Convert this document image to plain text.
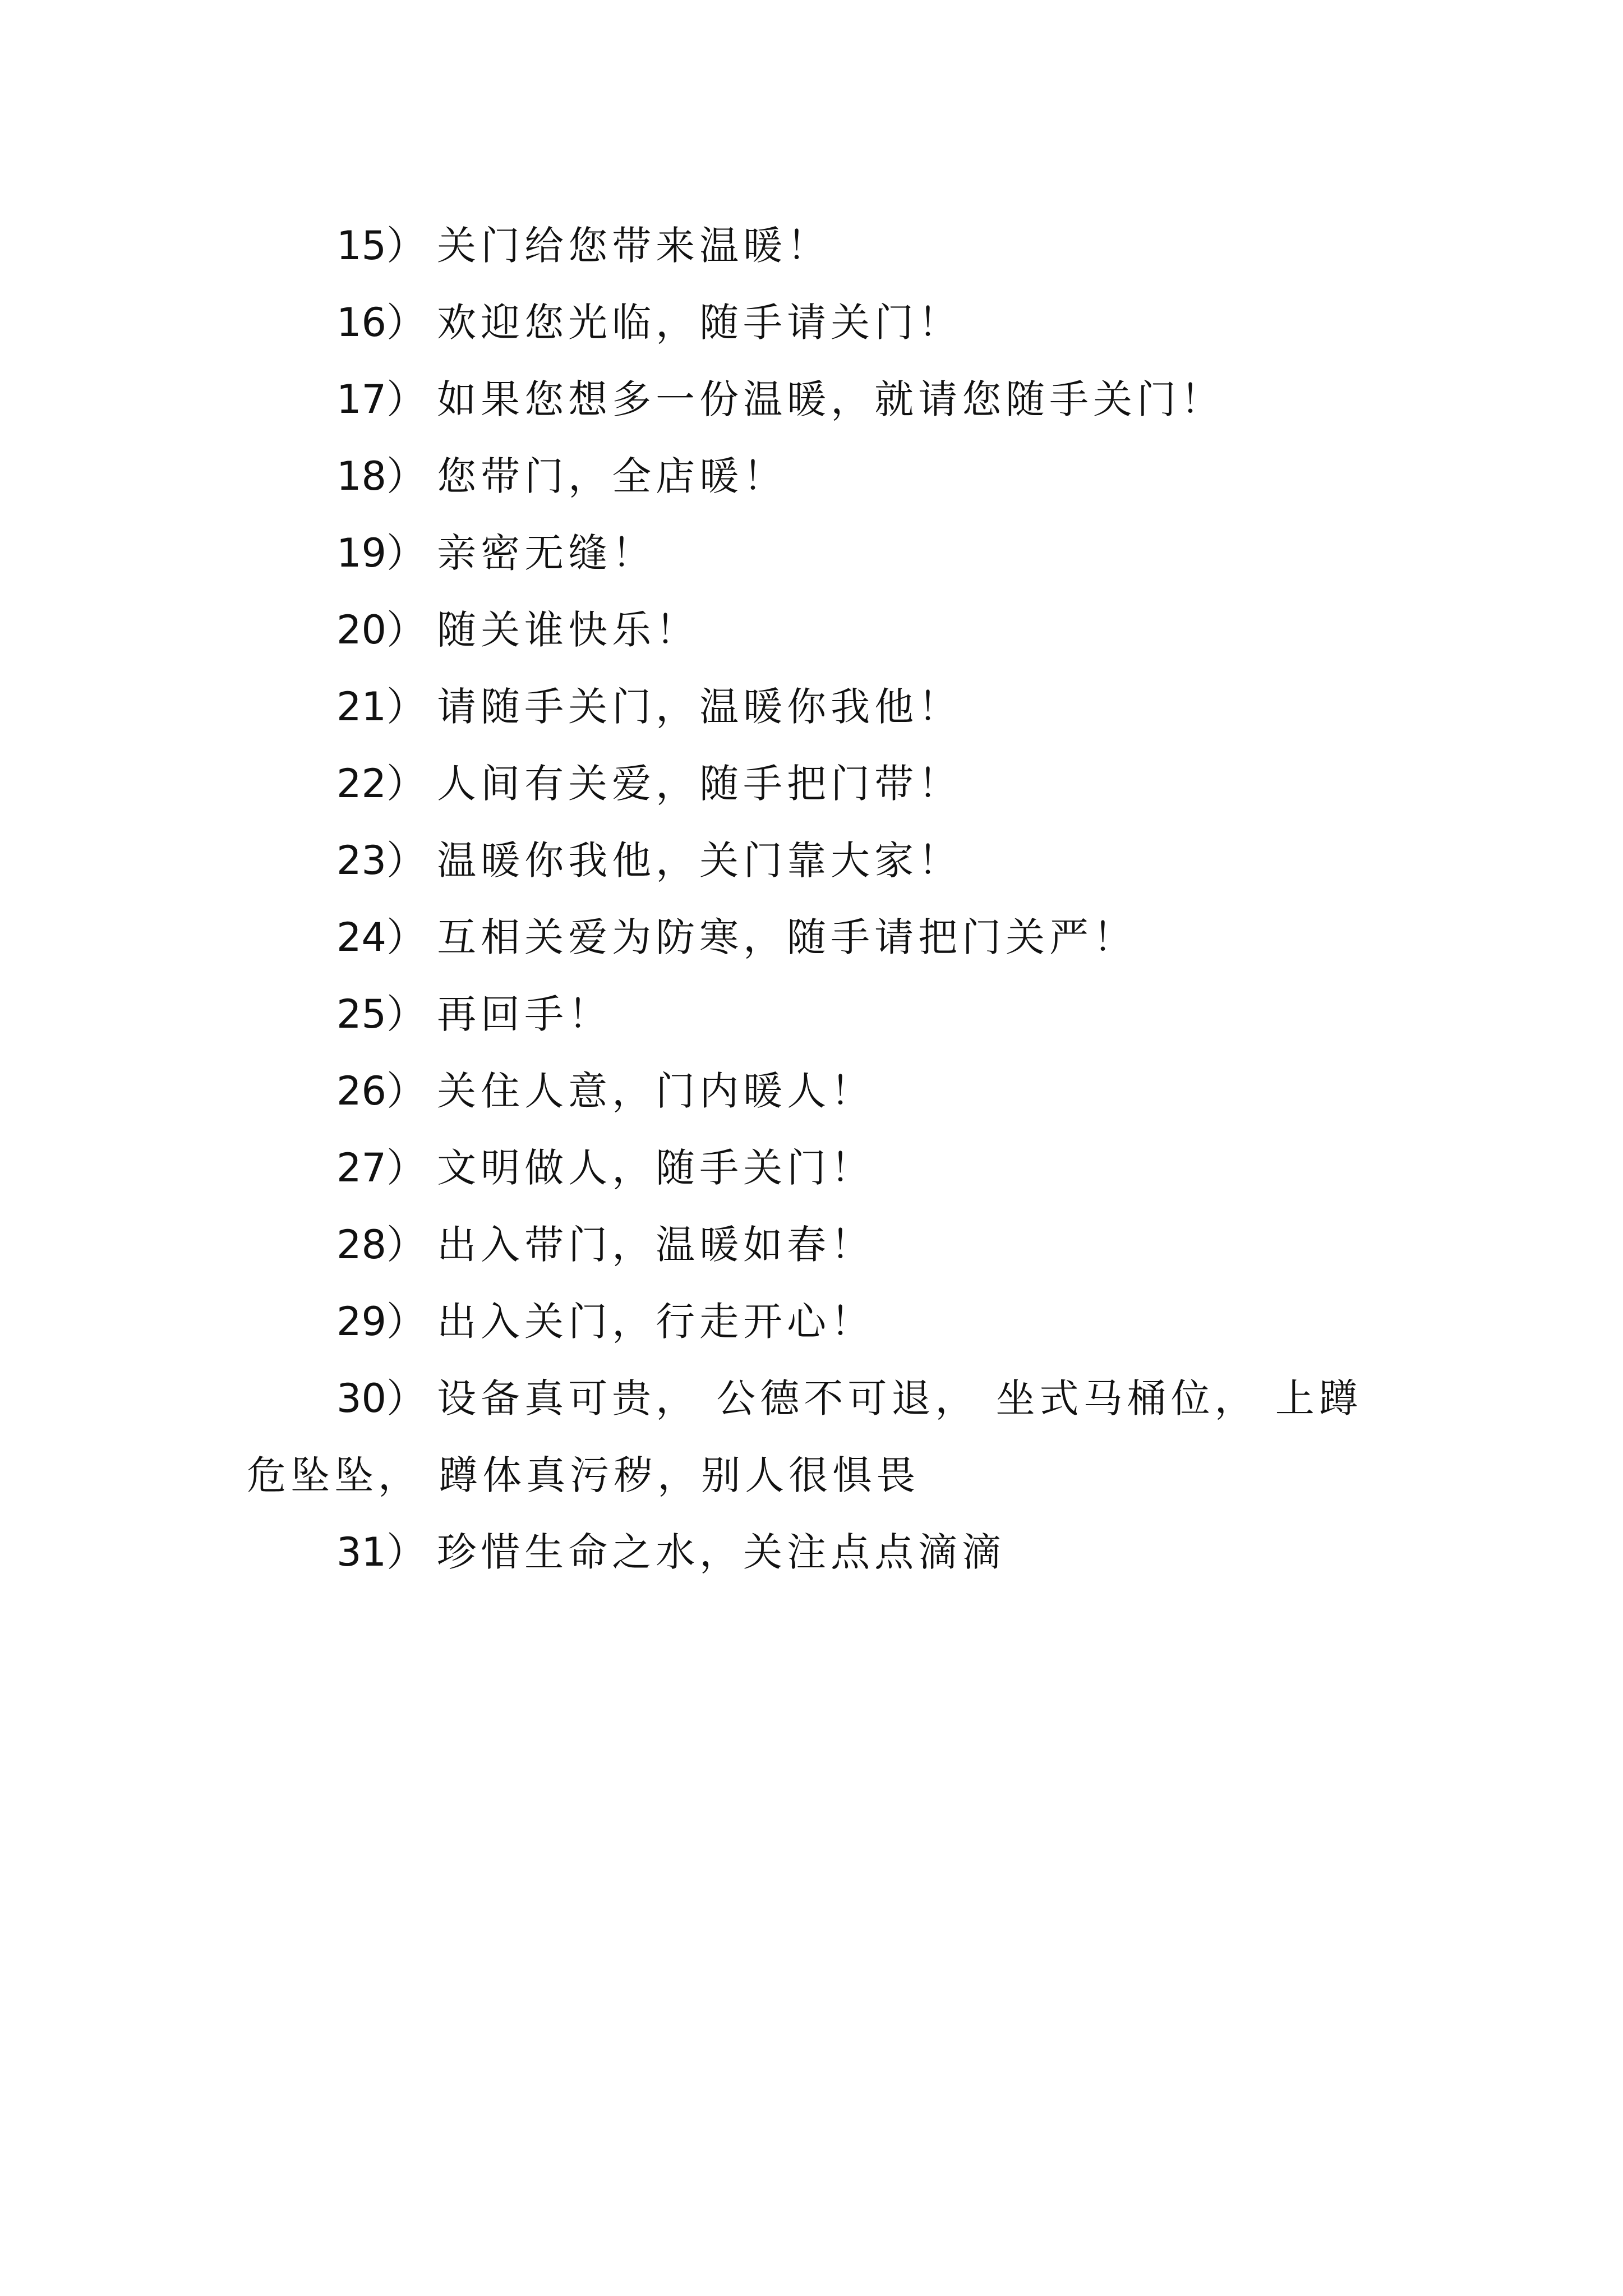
15） 关门给您带来温暖！
16） 欢迎您光临，随手请关门！
17） 如果您想多一份温暖，就请您随手关门！
18） 您带门，全店暖！
19） 亲密无缝！
20） 随关谁快乐！
21） 请随手关门，温暖你我他！
22） 人间有关爱，随手把门带！
23） 温暖你我他，关门靠大家！
24） 互相关爱为防寒，随手请把门关严！
25） 再回手！
26） 关住人意，门内暖人！
27） 文明做人，随手关门！
28） 出入带门，温暖如春！
29） 出入关门，行走开心！
30） 设备真可贵， 公德不可退， 坐式马桶位， 上蹲
危坠坠， 蹲体真污秽，别人很惧畏
31） 珍惜生命之水，关注点点滴滴
